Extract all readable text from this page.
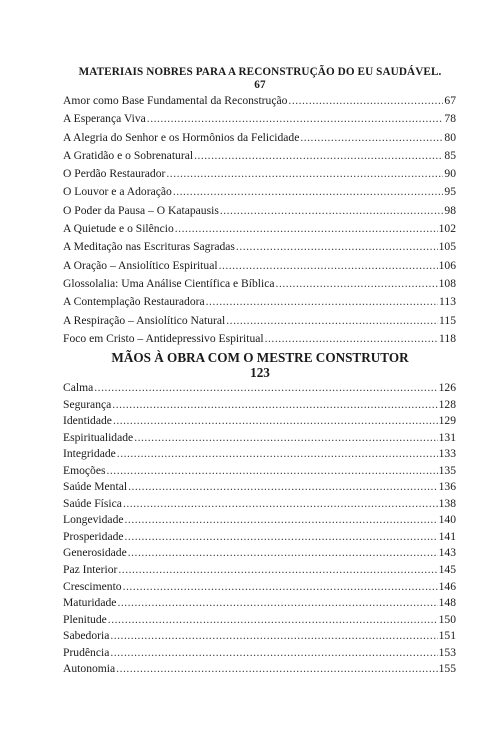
MATERIAIS NOBRES PARA A RECONSTRUÇÃO DO EU SAUDÁVEL.
67
Amor como Base Fundamental da Reconstrução .....	67
A Esperança Viva .....	78
A Alegria do Senhor e os Hormônios da Felicidade .....	80
A Gratidão e o Sobrenatural .....	85
O Perdão Restaurador .....	90
O Louvor e a Adoração .....	95
O Poder da Pausa – O Katapausis .....	98
A Quietude e o Silêncio .....	102
A Meditação nas Escrituras Sagradas .....	105
A Oração – Ansiolítico Espiritual .....	106
Glossolalia: Uma Análise Científica e Bíblica .....	108
A Contemplação Restauradora .....	113
A Respiração – Ansiolítico Natural .....	115
Foco em Cristo – Antidepressivo Espiritual .....	118
MÃOS À OBRA COM O MESTRE CONSTRUTOR
123
Calma .....	126
Segurança .....	128
Identidade .....	129
Espiritualidade .....	131
Integridade .....	133
Emoções .....	135
Saúde Mental .....	136
Saúde Física .....	138
Longevidade .....	140
Prosperidade .....	141
Generosidade .....	143
Paz Interior .....	145
Crescimento .....	146
Maturidade .....	148
Plenitude .....	150
Sabedoria .....	151
Prudência .....	153
Autonomia .....	155
